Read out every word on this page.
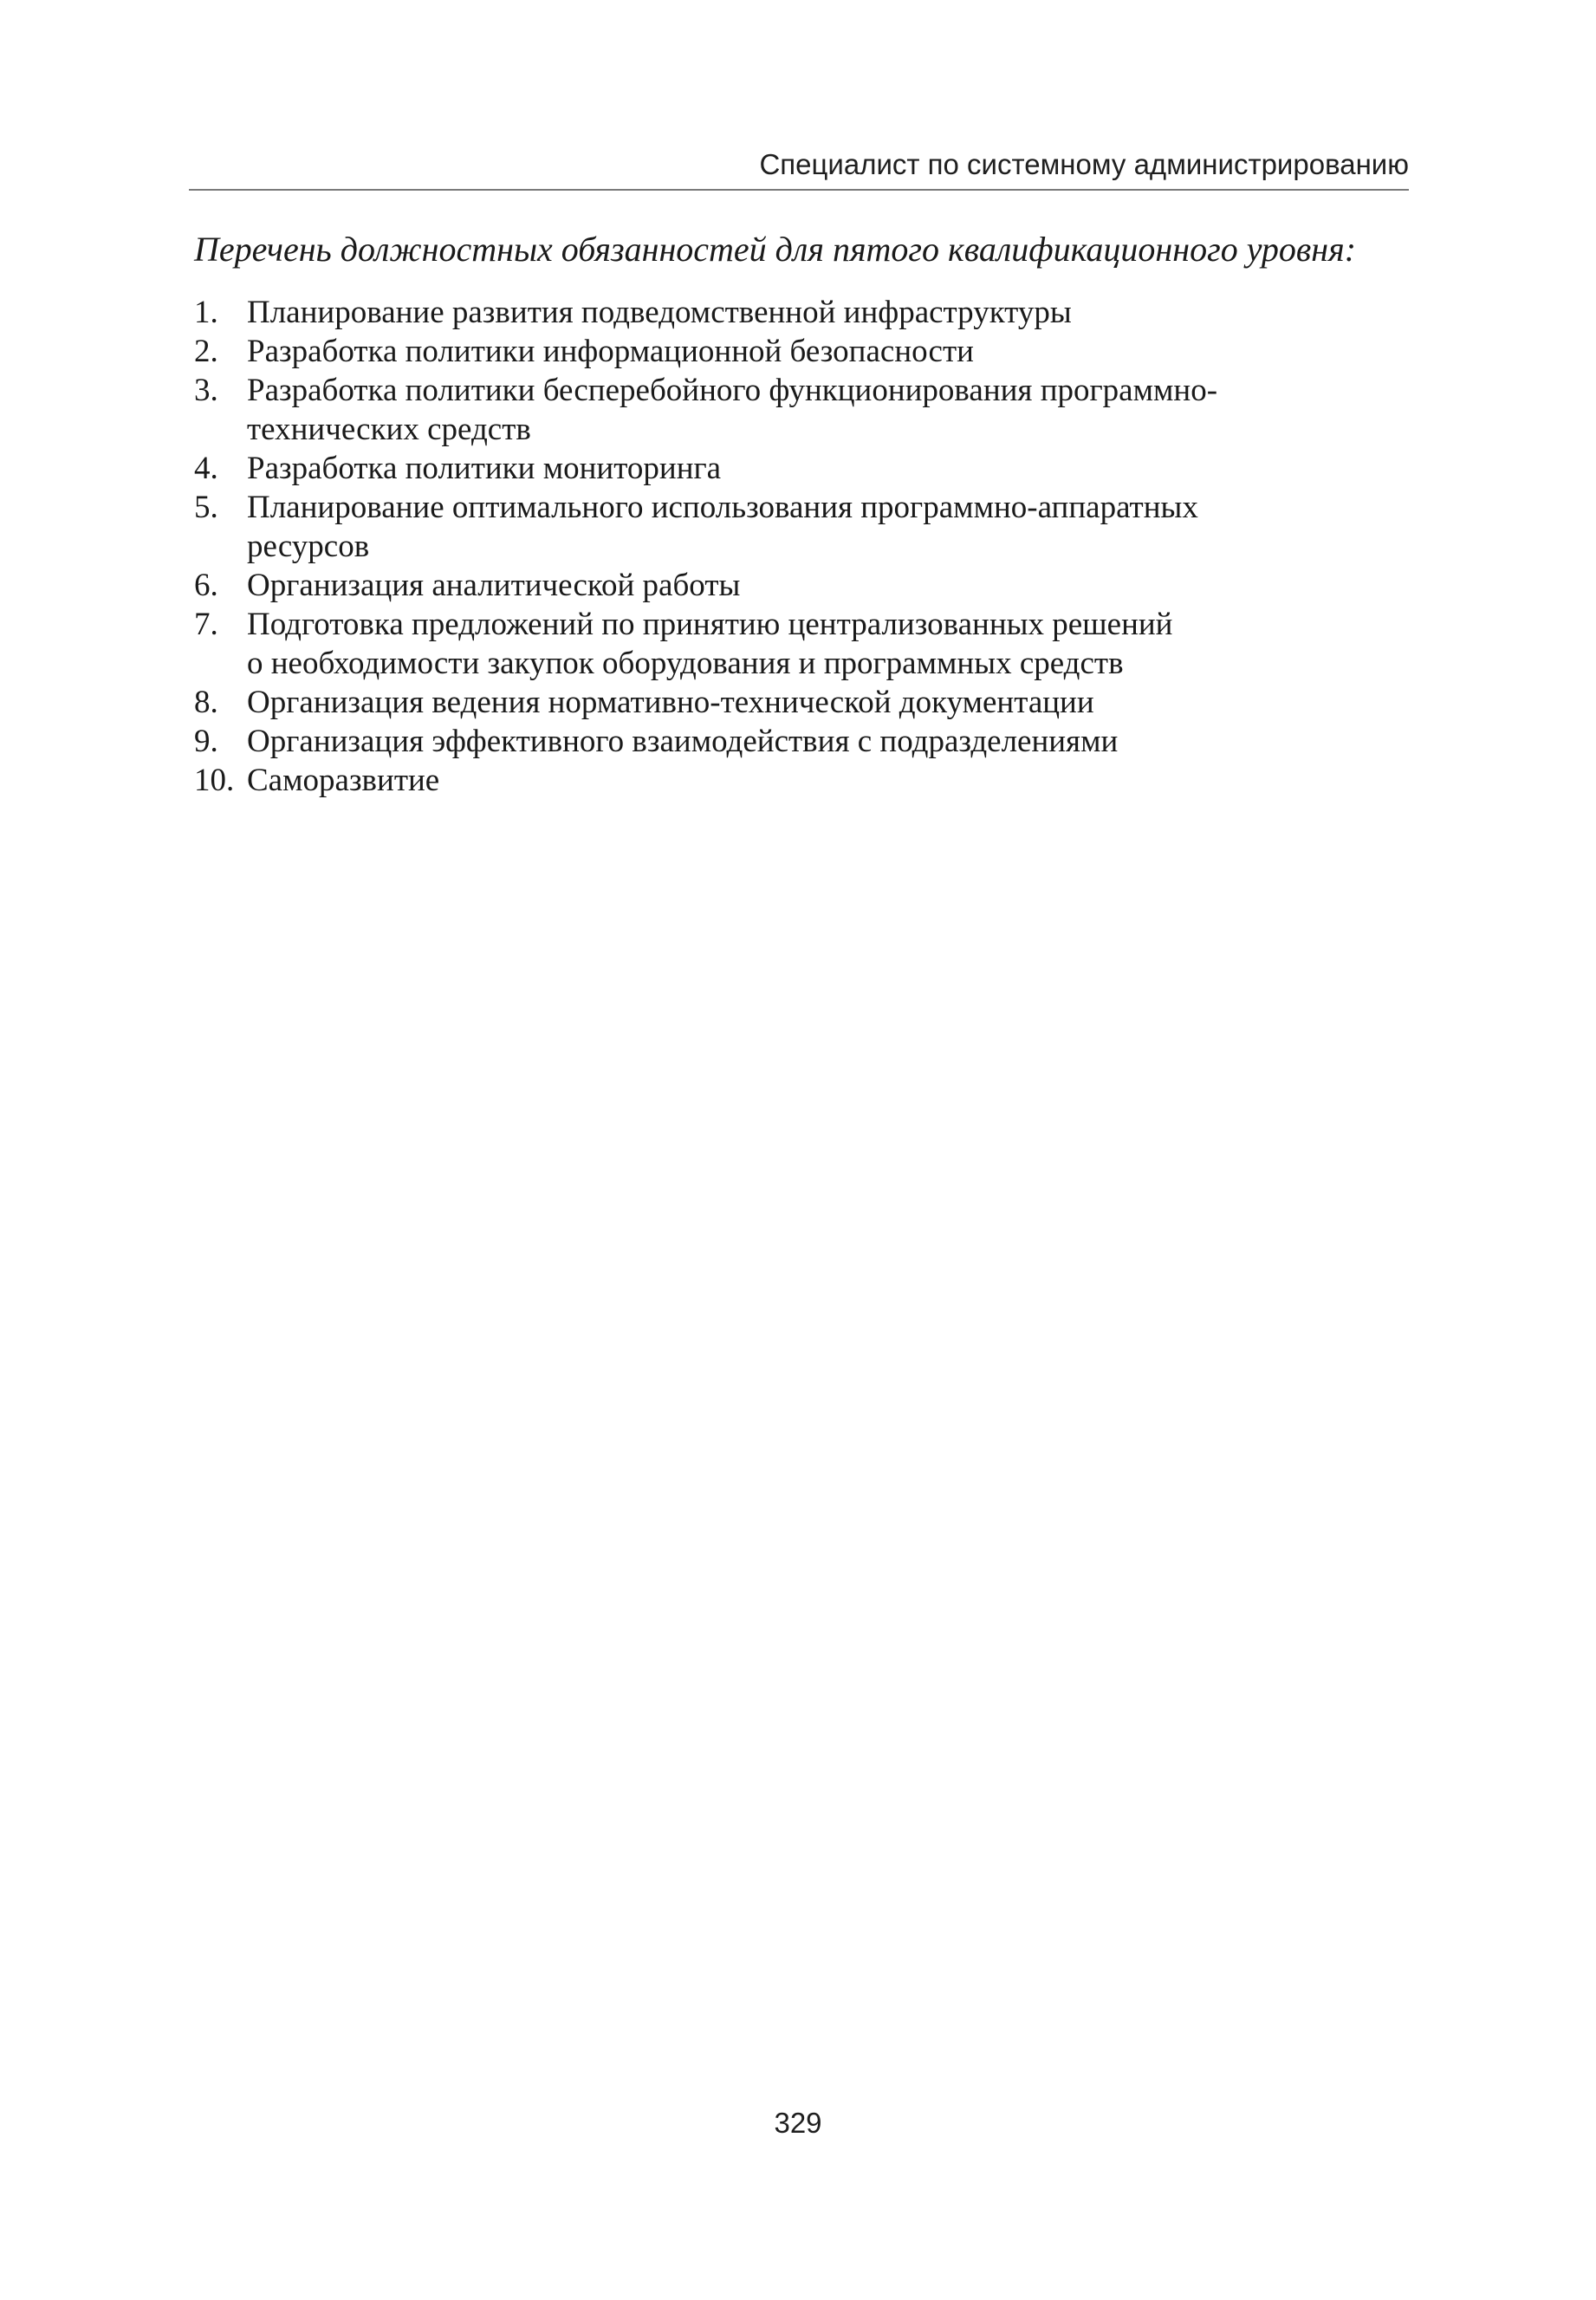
Специалист по системному администрированию
Перечень должностных обязанностей для пятого квалификационного уровня:
1. Планирование развития подведомственной инфраструктуры
2. Разработка политики информационной безопасности
3. Разработка политики бесперебойного функционирования программно-
технических средств
4. Разработка политики мониторинга
5. Планирование оптимального использования программно-аппаратных
ресурсов
6. Организация аналитической работы
7. Подготовка предложений по принятию централизованных решений
о необходимости закупок оборудования и программных средств
8. Организация ведения нормативно-технической документации
9. Организация эффективного взаимодействия с подразделениями
10. Саморазвитие
329
